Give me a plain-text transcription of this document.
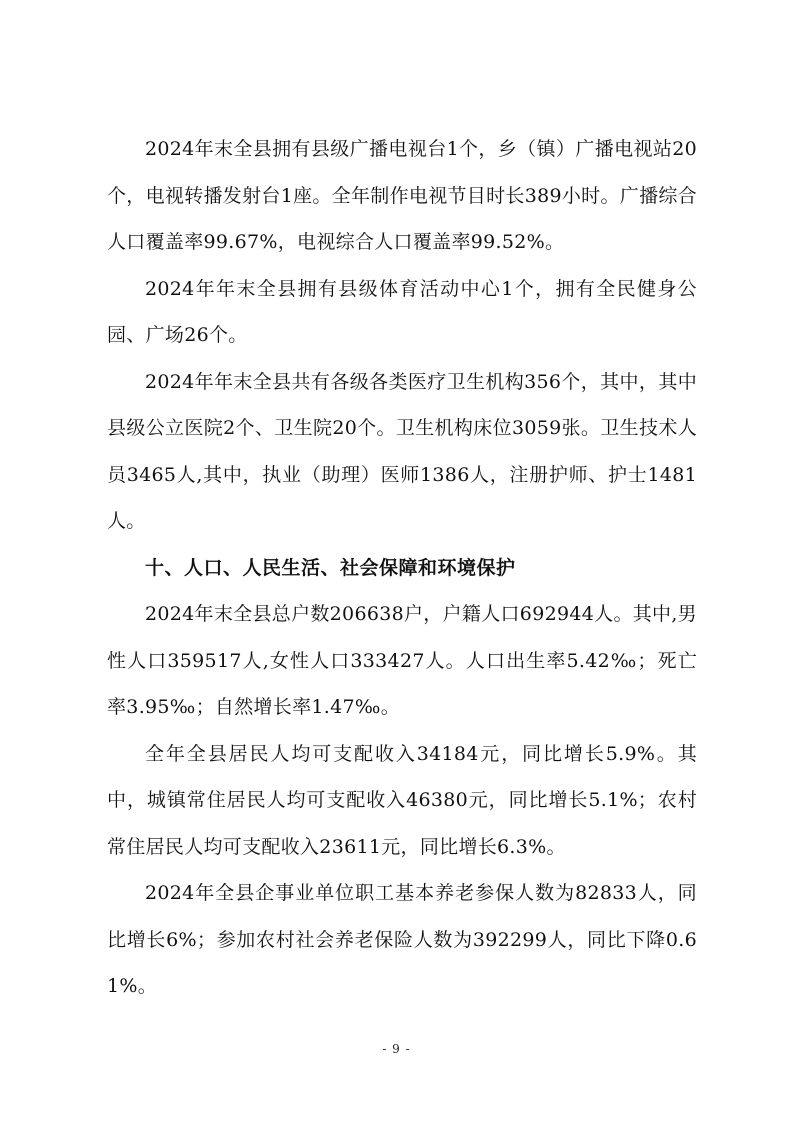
2024年末全县拥有县级广播电视台1个，乡（镇）广播电视站20个，电视转播发射台1座。全年制作电视节目时长389小时。广播综合人口覆盖率99.67%，电视综合人口覆盖率99.52%。

2024年年末全县拥有县级体育活动中心1个，拥有全民健身公园、广场26个。

2024年年末全县共有各级各类医疗卫生机构356个，其中，其中县级公立医院2个、卫生院20个。卫生机构床位3059张。卫生技术人员3465人,其中，执业（助理）医师1386人，注册护师、护士1481人。

十、人口、人民生活、社会保障和环境保护

2024年末全县总户数206638户，户籍人口692944人。其中,男性人口359517人,女性人口333427人。人口出生率5.42‰；死亡率3.95‰；自然增长率1.47‰。

全年全县居民人均可支配收入34184元，同比增长5.9%。其中，城镇常住居民人均可支配收入46380元，同比增长5.1%；农村常住居民人均可支配收入23611元，同比增长6.3%。

2024年全县企事业单位职工基本养老参保人数为82833人，同比增长6%；参加农村社会养老保险人数为392299人，同比下降0.61%。

- 9 -
